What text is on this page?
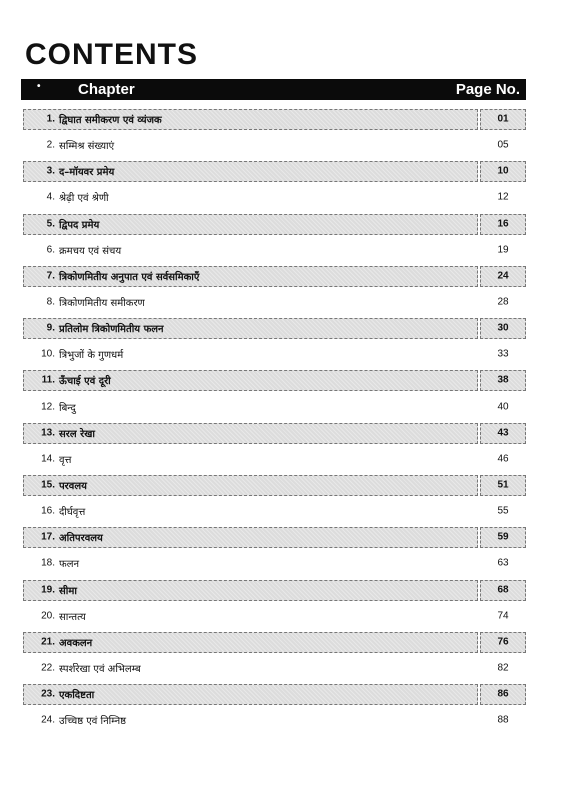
CONTENTS
• Chapter	Page No.
1. द्विघात समीकरण एवं व्यंजक	01
2. सम्मिश्र संख्याएं	05
3. द–मॉयवर प्रमेय	10
4. श्रेढ़ी एवं श्रेणी	12
5. द्विपद प्रमेय	16
6. क्रमचय एवं संचय	19
7. त्रिकोणमितीय अनुपात एवं सर्वसमिकाएँ	24
8. त्रिकोणमितीय समीकरण	28
9. प्रतिलोम त्रिकोणमितीय फलन	30
10. त्रिभुजों के गुणधर्म	33
11. ऊँचाई एवं दूरी	38
12. बिन्दु	40
13. सरल रेखा	43
14. वृत्त	46
15. परवलय	51
16. दीर्घवृत्त	55
17. अतिपरवलय	59
18. फलन	63
19. सीमा	68
20. सान्तत्य	74
21. अवकलन	76
22. स्पर्शरेखा एवं अभिलम्ब	82
23. एकदिष्टता	86
24. उच्चिष्ठ एवं निम्निष्ठ	88
